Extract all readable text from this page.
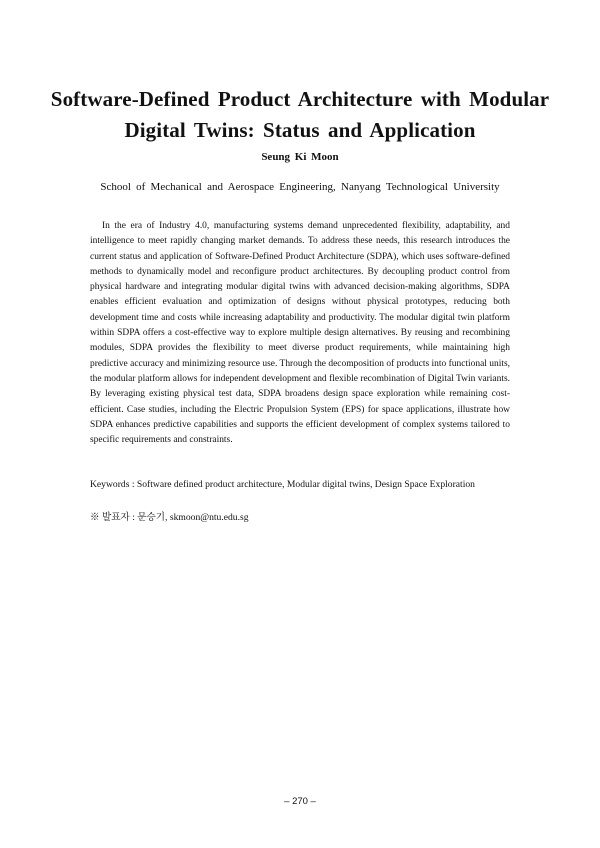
Software-Defined Product Architecture with Modular
Digital Twins: Status and Application
Seung Ki Moon
School of Mechanical and Aerospace Engineering, Nanyang Technological University

In the era of Industry 4.0, manufacturing systems demand unprecedented flexibility, adaptability, and intelligence to meet rapidly changing market demands. To address these needs, this research introduces the current status and application of Software-Defined Product Architecture (SDPA), which uses software-defined methods to dynamically model and reconfigure product architectures. By decoupling product control from physical hardware and integrating modular digital twins with advanced decision-making algorithms, SDPA enables efficient evaluation and optimization of designs without physical prototypes, reducing both development time and costs while increasing adaptability and productivity. The modular digital twin platform within SDPA offers a cost-effective way to explore multiple design alternatives. By reusing and recombining modules, SDPA provides the flexibility to meet diverse product requirements, while maintaining high predictive accuracy and minimizing resource use. Through the decomposition of products into functional units, the modular platform allows for independent development and flexible recombination of Digital Twin variants. By leveraging existing physical test data, SDPA broadens design space exploration while remaining cost-efficient. Case studies, including the Electric Propulsion System (EPS) for space applications, illustrate how SDPA enhances predictive capabilities and supports the efficient development of complex systems tailored to specific requirements and constraints.

Keywords : Software defined product architecture, Modular digital twins, Design Space Exploration
※ 발표자 : 문승기, skmoon@ntu.edu.sg
– 270 –
